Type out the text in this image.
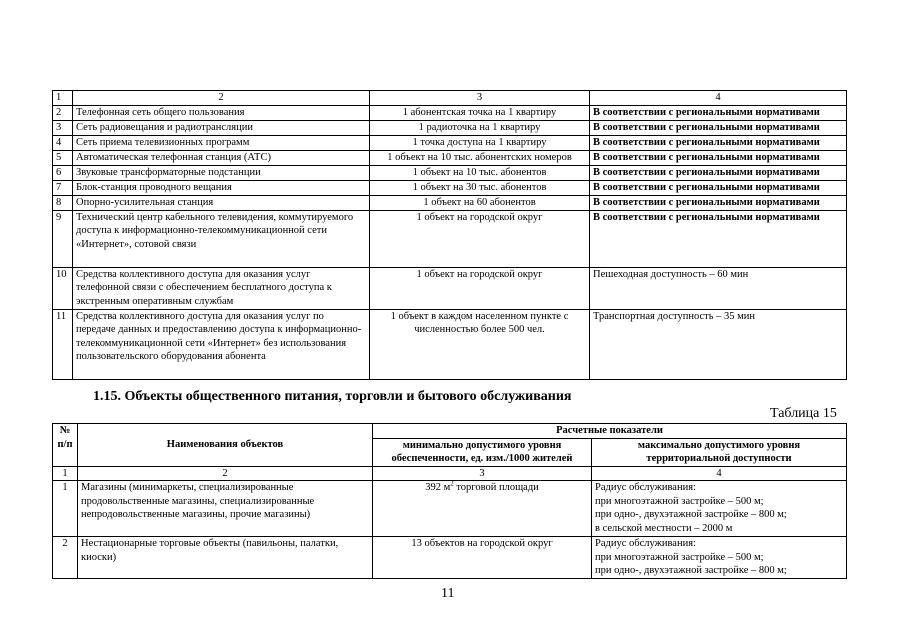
1	2	3	4
2	Телефонная сеть общего пользования	1 абонентская точка на 1 квартиру	В соответствии с региональными нормативами
3	Сеть радиовещания и радиотрансляции	1 радиоточка на 1 квартиру	В соответствии с региональными нормативами
4	Сеть приема телевизионных программ	1 точка доступа на 1 квартиру	В соответствии с региональными нормативами
5	Автоматическая телефонная станция (АТС)	1 объект на 10 тыс. абонентских номеров	В соответствии с региональными нормативами
6	Звуковые трансформаторные подстанции	1 объект на 10 тыс. абонентов	В соответствии с региональными нормативами
7	Блок-станция проводного вещания	1 объект на 30 тыс. абонентов	В соответствии с региональными нормативами
8	Опорно-усилительная станция	1 объект на 60 абонентов	В соответствии с региональными нормативами
9	Технический центр кабельного телевидения, коммутируемого доступа к информационно-телекоммуникационной сети «Интернет», сотовой связи	1 объект на городской округ	В соответствии с региональными нормативами
10	Средства коллективного доступа для оказания услуг телефонной связи с обеспечением бесплатного доступа к экстренным оперативным службам	1 объект на городской округ	Пешеходная доступность – 60 мин
11	Средства коллективного доступа для оказания услуг по передаче данных и предоставлению доступа к информационно-телекоммуникационной сети «Интернет» без использования пользовательского оборудования абонента	1 объект в каждом населенном пункте с численностью более 500 чел.	Транспортная доступность – 35 мин
1.15. Объекты общественного питания, торговли и бытового обслуживания
Таблица 15
№ п/п	Наименования объектов	Расчетные показатели	
		минимально допустимого уровня обеспеченности, ед. изм./1000 жителей	максимально допустимого уровня территориальной доступности
1	2	3	4
1	Магазины (минимаркеты, специализированные продовольственные магазины, специализированные непродовольственные магазины, прочие магазины)	392 $м^2$ торговой площади	Радиус обслуживания:
при многоэтажной застройке – 500 м;
при одно-, двухэтажной застройке – 800 м;
в сельской местности – 2000 м

2	Нестационарные торговые объекты (павильоны, палатки, киоски)	13 объектов на городской округ	Радиус обслуживания:
при многоэтажной застройке – 500 м;
при одно-, двухэтажной застройке – 800 м;
11
